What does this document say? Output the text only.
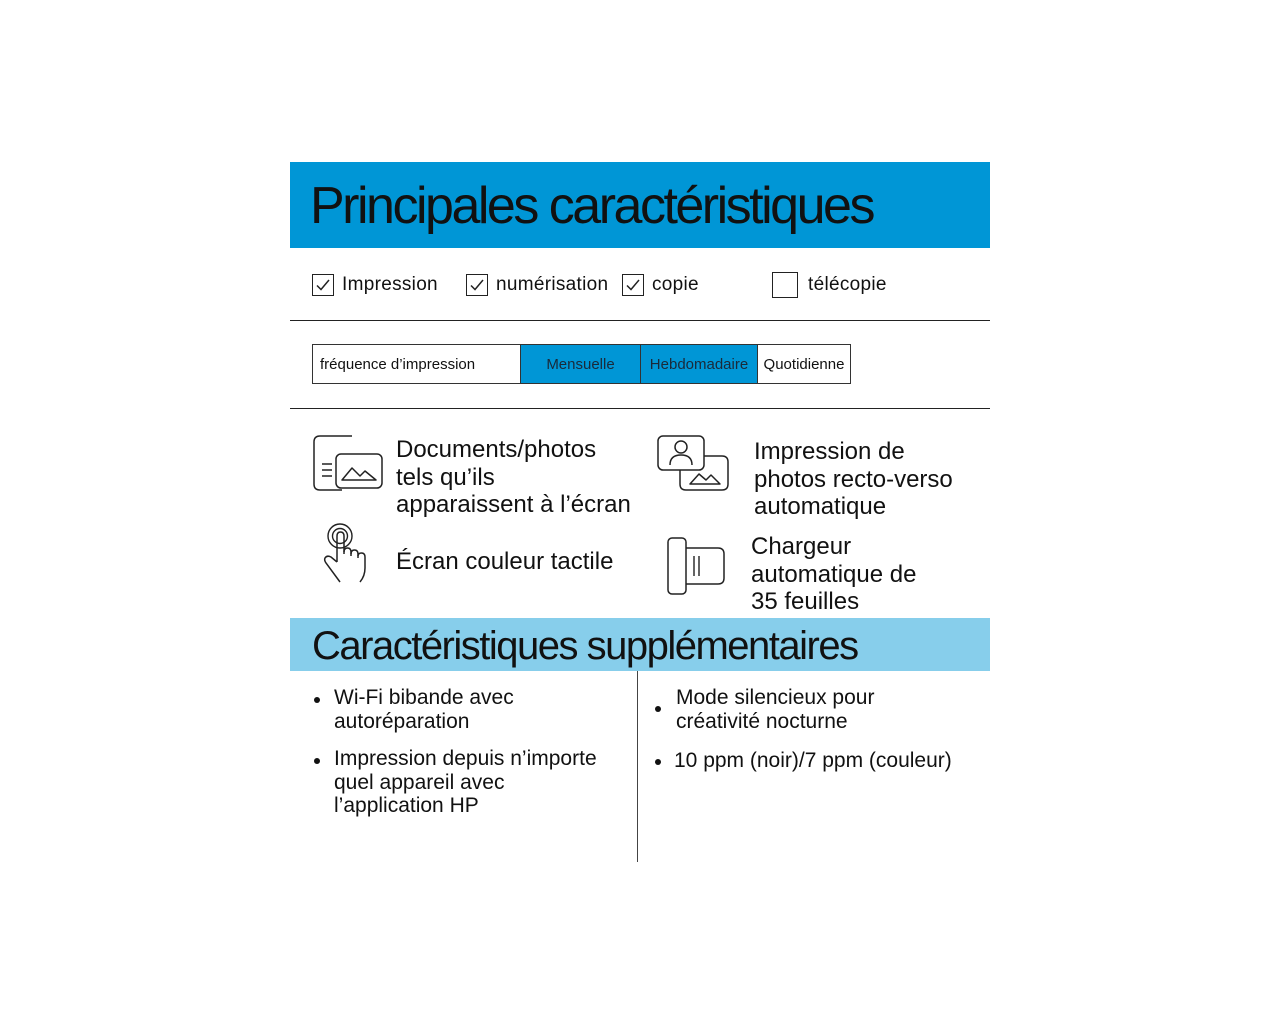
Principales caractéristiques
Impression	numérisation copie	télécopie
fréquence d’impression	Mensuelle	Hebdomadaire	Quotidienne
Documents/photos
tels qu’ils
apparaissent à l’écran
Impression de
photos recto-verso
automatique
Écran couleur tactile
Chargeur
automatique de
35 feuilles
Caractéristiques supplémentaires
Wi-Fi bibande avec
autoréparation
Impression depuis n’importe
quel appareil avec
l’application HP
Mode silencieux pour
créativité nocturne
10 ppm (noir)/7 ppm (couleur)
